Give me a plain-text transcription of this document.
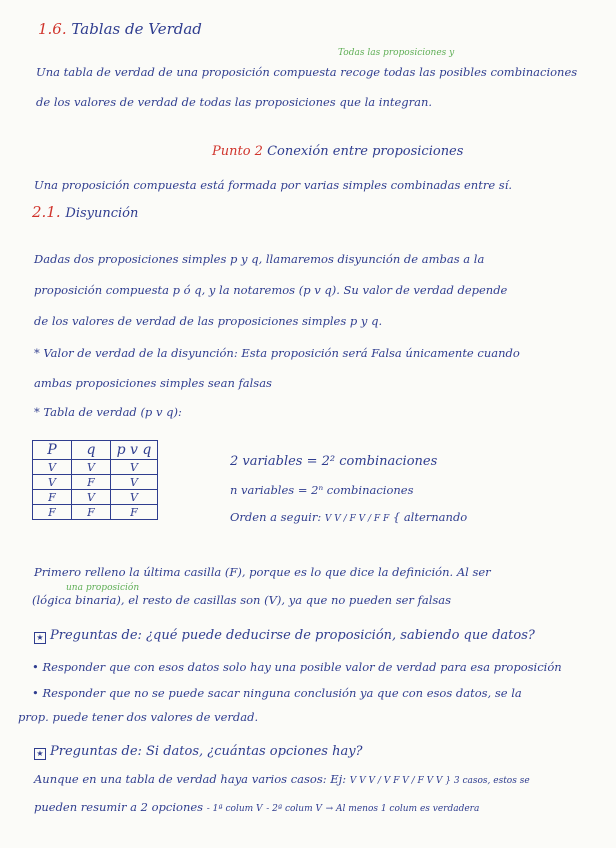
1.6. Tablas de Verdad
Todas las proposiciones y
Una tabla de verdad de una proposición compuesta recoge todas las posibles combinaciones
de los valores de verdad de todas las proposiciones que la integran.
Punto 2 Conexión entre proposiciones
Una proposición compuesta está formada por varias simples combinadas entre sí.
2.1. Disyunción
Dadas dos proposiciones simples p y q, llamaremos disyunción de ambas a la
proposición compuesta p ó q, y la notaremos (p v q). Su valor de verdad depende
de los valores de verdad de las proposiciones simples p y q.
* Valor de verdad de la disyunción: Esta proposición será Falsa únicamente cuando
ambas proposiciones simples sean falsas
* Tabla de verdad (p v q):
P	q	p v q
V	V	V
V	F	V
F	V	V
F	F	F
2 variables = 2² combinaciones
n variables = 2ⁿ combinaciones
Orden a seguir: V V / F V / F F { alternando
Primero relleno la última casilla (F), porque es lo que dice la definición. Al ser
una proposición
(lógica binaria), el resto de casillas son (V), ya que no pueden ser falsas
★ Preguntas de: ¿qué puede deducirse de proposición, sabiendo que datos?
• Responder que con esos datos solo hay una posible valor de verdad para esa proposición
• Responder que no se puede sacar ninguna conclusión ya que con esos datos, se la
prop. puede tener dos valores de verdad.
★ Preguntas de: Si datos, ¿cuántas opciones hay?
Aunque en una tabla de verdad haya varios casos: Ej: V V V / V F V / F V V } 3 casos, estos se
pueden resumir a 2 opciones - 1ª colum V - 2ª colum V → Al menos 1 colum es verdadera
